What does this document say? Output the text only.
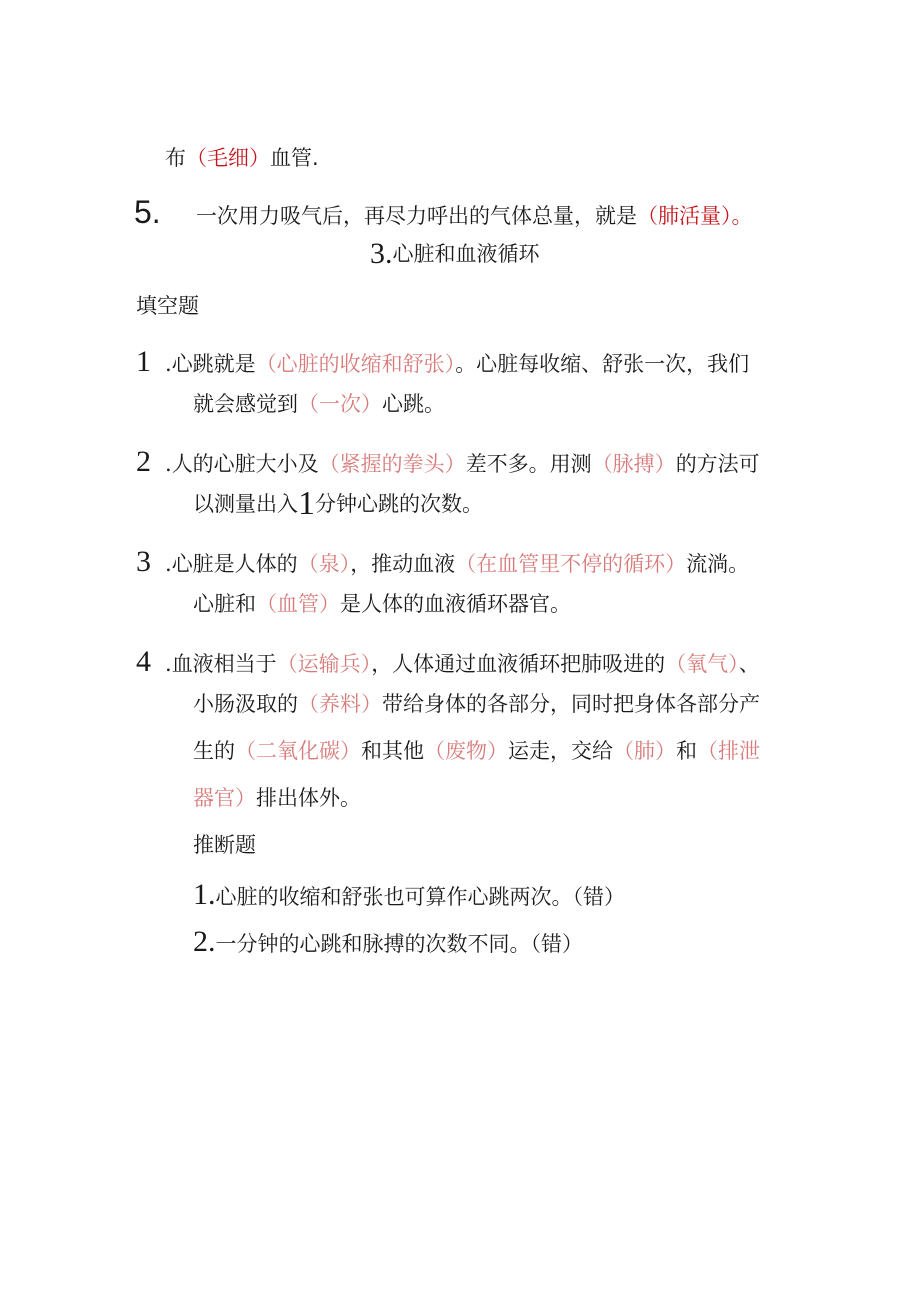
布（毛细）血管.
5. 一次用力吸气后，再尽力呼出的气体总量，就是（肺活量）。
3.心脏和血液循环
填空题
1 .心跳就是（心脏的收缩和舒张）。心脏每收缩、舒张一次，我们
就会感觉到（一次）心跳。
2 .人的心脏大小及（紧握的拳头）差不多。用测（脉搏）的方法可
以测量出入1分钟心跳的次数。
3 .心脏是人体的（泉），推动血液（在血管里不停的循环）流淌。
心脏和（血管）是人体的血液循环器官。
4 .血液相当于（运输兵），人体通过血液循环把肺吸进的（氧气）、
小肠汲取的（养料）带给身体的各部分，同时把身体各部分产
生的（二氧化碳）和其他（废物）运走，交给（肺）和（排泄
器官）排出体外。
推断题
1.心脏的收缩和舒张也可算作心跳两次。（错）
2.一分钟的心跳和脉搏的次数不同。（错）
